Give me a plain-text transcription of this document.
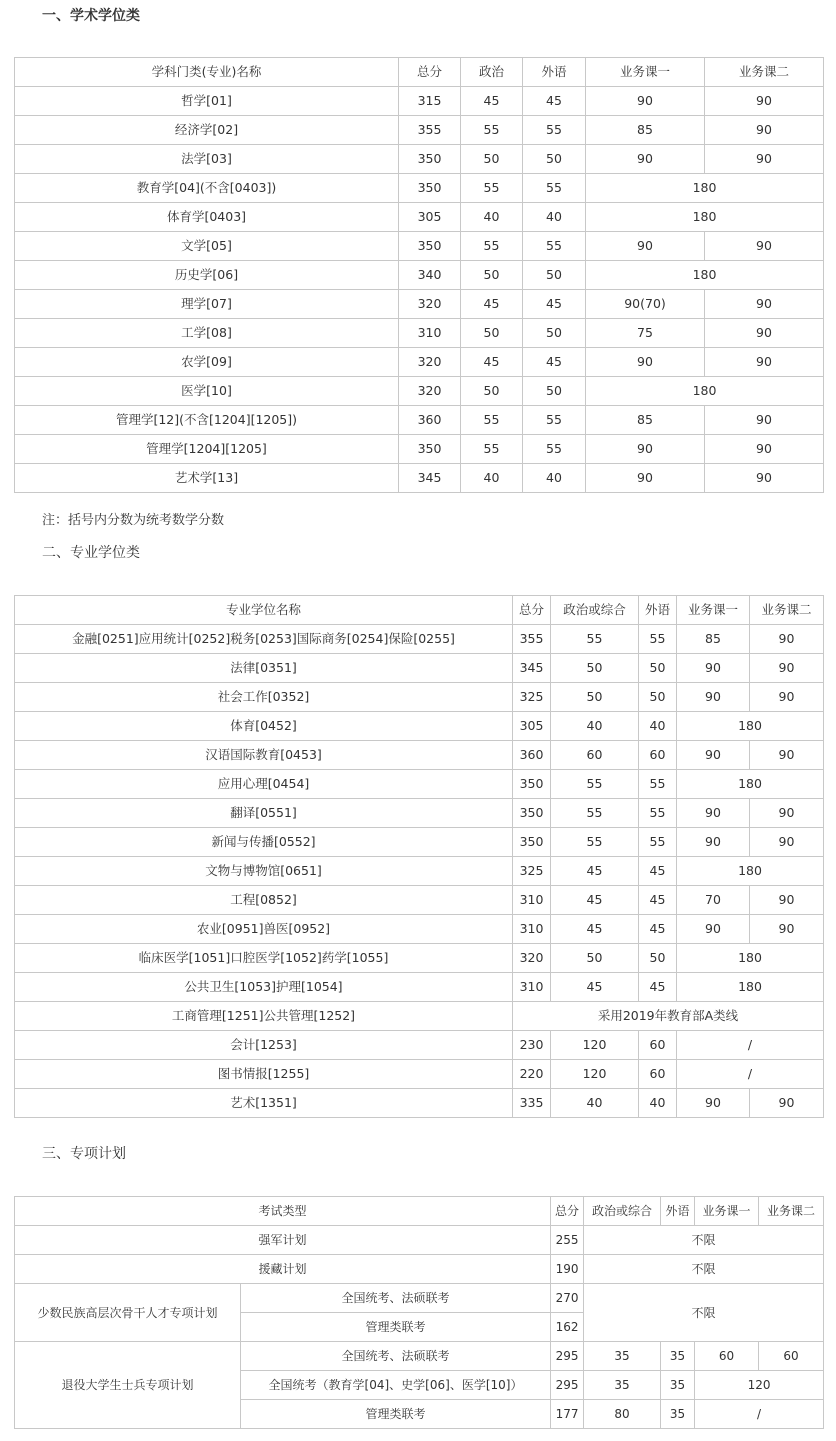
一、学术学位类
学科门类(专业)名称	总分	政治	外语	业务课一	业务课二
哲学[01]	315	45	45	90	90
经济学[02]	355	55	55	85	90
法学[03]	350	50	50	90	90
教育学[04](不含[0403])	350	55	55	180	
体育学[0403]	305	40	40	180	
文学[05]	350	55	55	90	90
历史学[06]	340	50	50	180	
理学[07]	320	45	45	90(70)	90
工学[08]	310	50	50	75	90
农学[09]	320	45	45	90	90
医学[10]	320	50	50	180	
管理学[12](不含[1204][1205])	360	55	55	85	90
管理学[1204][1205]	350	55	55	90	90
艺术学[13]	345	40	40	90	90
注：括号内分数为统考数学分数
二、专业学位类
专业学位名称	总分	政治或综合	外语	业务课一	业务课二
金融[0251]应用统计[0252]税务[0253]国际商务[0254]保险[0255]	355	55	55	85	90
法律[0351]	345	50	50	90	90
社会工作[0352]	325	50	50	90	90
体育[0452]	305	40	40	180	
汉语国际教育[0453]	360	60	60	90	90
应用心理[0454]	350	55	55	180	
翻译[0551]	350	55	55	90	90
新闻与传播[0552]	350	55	55	90	90
文物与博物馆[0651]	325	45	45	180	
工程[0852]	310	45	45	70	90
农业[0951]兽医[0952]	310	45	45	90	90
临床医学[1051]口腔医学[1052]药学[1055]	320	50	50	180	
公共卫生[1053]护理[1054]	310	45	45	180	
工商管理[1251]公共管理[1252]	采用2019年教育部A类线				
会计[1253]	230	120	60	/	
图书情报[1255]	220	120	60	/	
艺术[1351]	335	40	40	90	90
三、专项计划
考试类型		总分	政治或综合	外语	业务课一	业务课二
强军计划		255	不限			
援藏计划		190	不限			
少数民族高层次骨干人才专项计划	全国统考、法硕联考	270	不限			
	管理类联考	162				
退役大学生士兵专项计划	全国统考、法硕联考	295	35	35	60	60
	全国统考（教育学[04]、史学[06]、医学[10]）	295	35	35	120	
	管理类联考	177	80	35	/	
